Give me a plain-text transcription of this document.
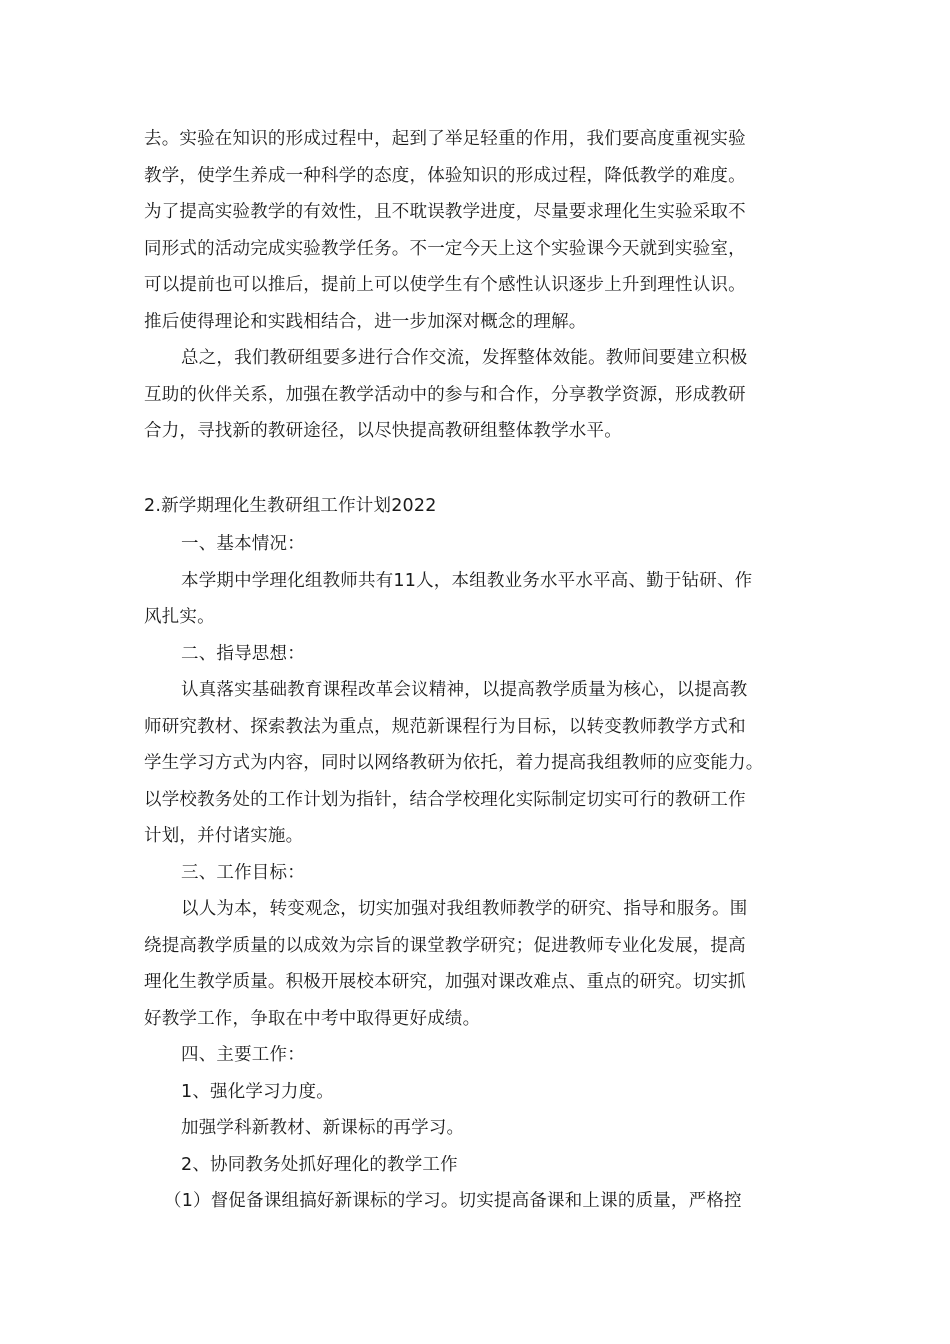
去。实验在知识的形成过程中，起到了举足轻重的作用，我们要高度重视实验
教学，使学生养成一种科学的态度，体验知识的形成过程，降低教学的难度。
为了提高实验教学的有效性，且不耽误教学进度，尽量要求理化生实验采取不
同形式的活动完成实验教学任务。不一定今天上这个实验课今天就到实验室，
可以提前也可以推后，提前上可以使学生有个感性认识逐步上升到理性认识。
推后使得理论和实践相结合，进一步加深对概念的理解。
总之，我们教研组要多进行合作交流，发挥整体效能。教师间要建立积极
互助的伙伴关系，加强在教学活动中的参与和合作，分享教学资源，形成教研
合力，寻找新的教研途径，以尽快提高教研组整体教学水平。
2.新学期理化生教研组工作计划2022
一、基本情况：
本学期中学理化组教师共有11人，本组教业务水平水平高、勤于钻研、作
风扎实。
二、指导思想：
认真落实基础教育课程改革会议精神，以提高教学质量为核心，以提高教
师研究教材、探索教法为重点，规范新课程行为目标，以转变教师教学方式和
学生学习方式为内容，同时以网络教研为依托，着力提高我组教师的应变能力。
以学校教务处的工作计划为指针，结合学校理化实际制定切实可行的教研工作
计划，并付诸实施。
三、工作目标：
以人为本，转变观念，切实加强对我组教师教学的研究、指导和服务。围
绕提高教学质量的以成效为宗旨的课堂教学研究；促进教师专业化发展，提高
理化生教学质量。积极开展校本研究，加强对课改难点、重点的研究。切实抓
好教学工作，争取在中考中取得更好成绩。
四、主要工作：
1、强化学习力度。
加强学科新教材、新课标的再学习。
2、协同教务处抓好理化的教学工作
（1）督促备课组搞好新课标的学习。切实提高备课和上课的质量，严格控
